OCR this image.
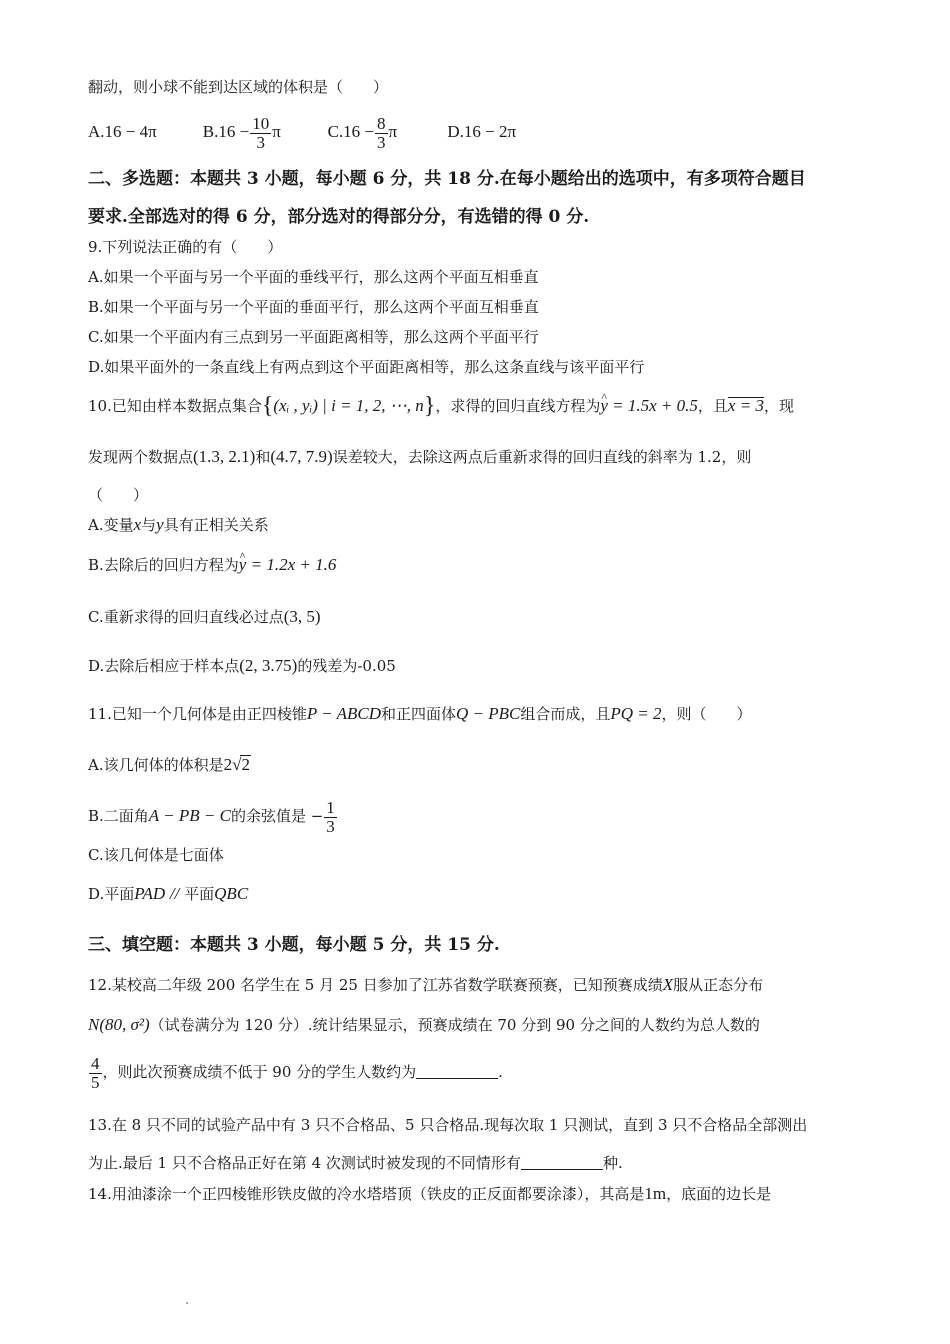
翻动，则小球不能到达区域的体积是（　　）
A.16 − 4π	$B.16 - \frac{10}{3}$ π	$C.16 - \frac{8}{3}$ π	D.16 − 2π
二、多选题：本题共 3 小题，每小题 6 分，共 18 分.在每小题给出的选项中，有多项符合题目
要求.全部选对的得 6 分，部分选对的得部分分，有选错的得 0 分.
9.下列说法正确的有（　　）
A.如果一个平面与另一个平面的垂线平行，那么这两个平面互相垂直
B.如果一个平面与另一个平面的垂面平行，那么这两个平面互相垂直
C.如果一个平面内有三点到另一平面距离相等，那么这两个平面平行
D.如果平面外的一条直线上有两点到这个平面距离相等，那么这条直线与该平面平行
10.已知由样本数据点集合{(xᵢ , yᵢ) | i = 1, 2, ⋯, n}，求得的回归直线方程为^ y = 1.5x + 0.5，且x = 3，现
发现两个数据点(1.3, 2.1)和(4.7, 7.9)误差较大，去除这两点后重新求得的回归直线的斜率为 1.2，则
（　　）
A.变量x与y具有正相关关系
B.去除后的回归方程为^ y = 1.2x + 1.6
C.重新求得的回归直线必过点(3, 5)
D.去除后相应于样本点(2, 3.75)的残差为-0.05
11.已知一个几何体是由正四棱锥P − ABCD和正四面体Q − PBC组合而成，且PQ = 2，则（　　）
A.该几何体的体积是2√2
B.二面角A − PB − C的余弦值是 − $\frac{1}{3}$
C.该几何体是七面体
D.平面PAD // 平面QBC
三、填空题：本题共 3 小题，每小题 5 分，共 15 分.
12.某校高二年级 200 名学生在 5 月 25 日参加了江苏省数学联赛预赛，已知预赛成绩X服从正态分布
N(80, σ²)（试卷满分为 120 分）.统计结果显示，预赛成绩在 70 分到 90 分之间的人数约为总人数的
$\frac{4}{5}$ ，则此次预赛成绩不低于 90 分的学生人数约为	.
13.在 8 只不同的试验产品中有 3 只不合格品、5 只合格品.现每次取 1 只测试，直到 3 只不合格品全部测出
为止.最后 1 只不合格品正好在第 4 次测试时被发现的不同情形有	种.
14.用油漆涂一个正四棱锥形铁皮做的冷水塔塔顶（铁皮的正反面都要涂漆），其高是1m，底面的边长是
